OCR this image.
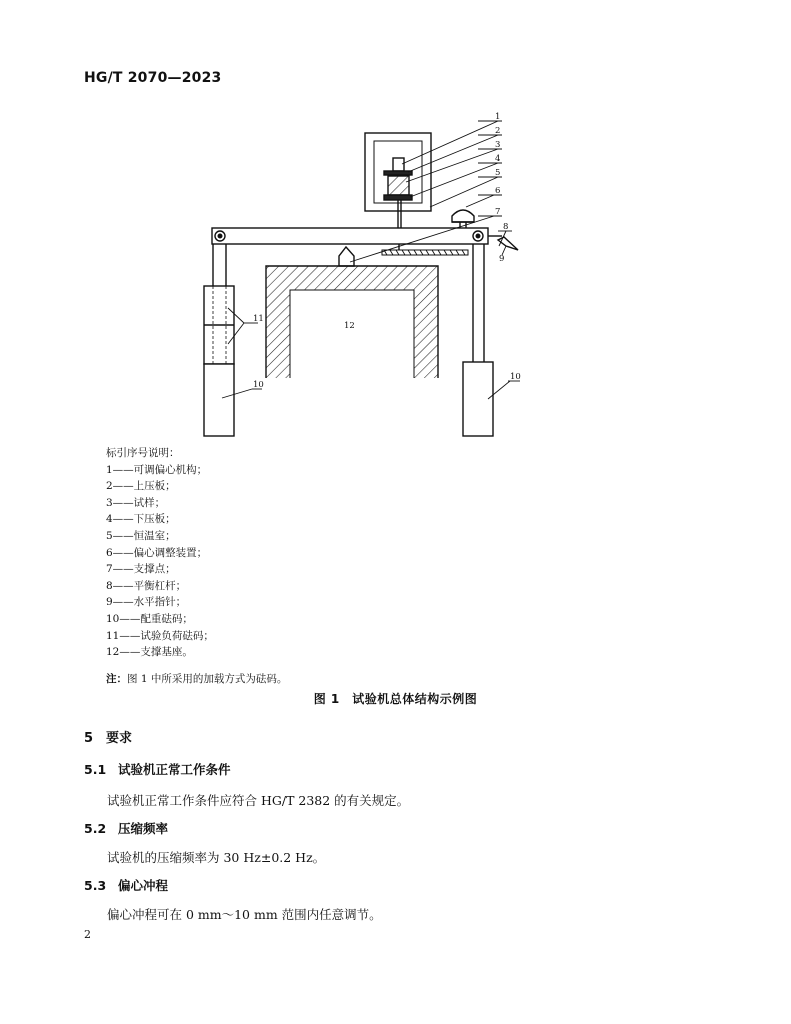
HG/T 2070—2023
1
2
3
4
5
6
7
8
9
10
10
11
12
标引序号说明：
1——可调偏心机构；
2——上压板；
3——试样；
4——下压板；
5——恒温室；
6——偏心调整装置；
7——支撑点；
8——平衡杠杆；
9——水平指针；
10——配重砝码；
11——试验负荷砝码；
12——支撑基座。
注：图 1 中所采用的加载方式为砝码。
图 1　试验机总体结构示例图
5 要求
5.1 试验机正常工作条件
试验机正常工作条件应符合 HG/T 2382 的有关规定。
5.2 压缩频率
试验机的压缩频率为 30 Hz±0.2 Hz。
5.3 偏心冲程
偏心冲程可在 0 mm～10 mm 范围内任意调节。
2
